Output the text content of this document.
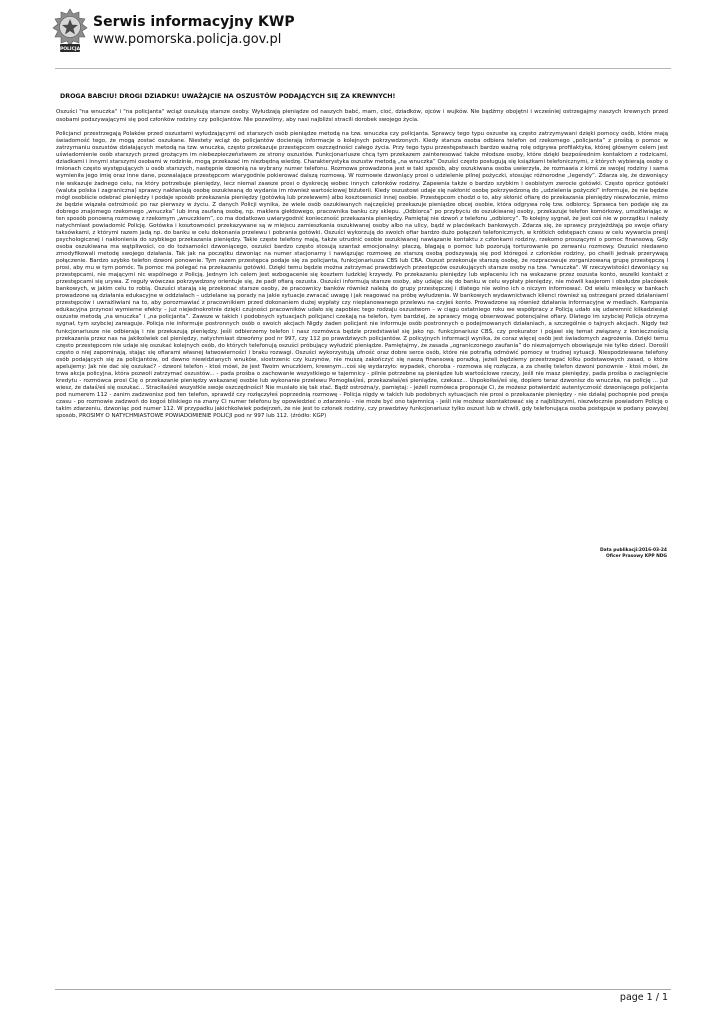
POLICJA
Serwis informacyjny KWP
www.pomorska.policja.gov.pl
DROGA BABCIU! DROGI DZIADKU! UWAŻAJCIE NA OSZUSTÓW PODAJĄCYCH SIĘ ZA KREWNYCH!

Oszuści "na wnuczka" i "na policjanta" wciąż oszukują starsze osoby. Wyłudzają pieniądze od naszych babć, mam, cioć, dziadków, ojców i wujków. Nie bądźmy obojętni i wcześniej ostrzegajmy naszych krewnych przed osobami podszywającymi się pod członków rodziny czy policjantów. Nie pozwólmy, aby nasi najbliżsi stracili dorobek swojego życia.

Policjanci przestrzegają Polaków przed oszustami wyłudzającymi od starszych osób pieniądze metodą na tzw. wnuczka czy policjanta. Sprawcy tego typu oszustw są często zatrzymywani dzięki pomocy osób, które mają świadomość tego, że mogą zostać oszukane. Niestety wciąż do policjantów docierają informacje o kolejnych pokrzywdzonych. Kiedy starsza osoba odbiera telefon od rzekomego „policjanta” z prośbą o pomoc w zatrzymaniu oszustów działających metodą na tzw. wnuczka, często przekazuje przestępcom oszczędności całego życia. Przy tego typu przestępstwach bardzo ważną rolę odgrywa profilaktyka, której głównym celem jest uświadomienie osób starszych przed grożącym im niebezpieczeństwem ze strony oszustów. Funkcjonariusze chcą tym przekazem zainteresować także młodsze osoby, które dzięki bezpośrednim kontaktom z rodzicami, dziadkami i innymi starszymi osobami w rodzinie, mogą przekazać im niezbędną wiedzę. Charakterystyka oszustw metodą „na wnuczka” Oszuści często posługują się książkami telefonicznymi, z których wybierają osoby o imionach często występujących u osób starszych, następnie dzwonią na wybrany numer telefonu. Rozmowa prowadzona jest w taki sposób, aby oszukiwana osoba uwierzyła, że rozmawia z kimś ze swojej rodziny i sama wymieniła jego imię oraz inne dane, pozwalające przestępcom wiarygodnie pokierować dalszą rozmową. W rozmowie dzwoniący prosi o udzielenie pilnej pożyczki, stosując różnorodne „legendy”. Zdarza się, że dzwoniący nie wskazuje żadnego celu, na który potrzebuje pieniędzy, lecz niemal zawsze prosi o dyskrecję wobec innych członków rodziny. Zapewnia także o bardzo szybkim i osobistym zwrocie gotówki. Często oprócz gotówki (waluta polska i zagraniczna) sprawcy nakłaniają osobę oszukiwaną do wydania im również wartościowej biżuterii. Kiedy oszustowi udaje się nakłonić osobę pokrzywdzoną do „udzielenia pożyczki” informuje, że nie będzie mógł osobiście odebrać pieniędzy i podaje sposób przekazania pieniędzy (gotówką lub przelewem) albo kosztowności innej osobie. Przestępcom chodzi o to, aby skłonić ofiarę do przekazania pieniędzy niezwłocznie, mimo że będzie wiązała ostrożność po raz pierwszy w życiu. Z danych Policji wynika, że wiele osób oszukiwanych najczęściej przekazuje pieniądze obcej osobie, która odgrywa rolę tzw. odbiorcy. Sprawca ten podaje się za dobrego znajomego rzekomego „wnuczka” lub inną zaufaną osobę, np. maklera giełdowego, pracownika banku czy sklepu. „Odbiorca” po przybyciu do oszukiwanej osoby, przekazuje telefon komórkowy, umożliwiając w ten sposób ponowną rozmowę z rzekomym „wnuczkiem”, co ma dodatkowo uwiarygodnić konieczność przekazania pieniędzy. Pamiętaj nie dzwoń z telefonu „odbiorcy”. To kolejny sygnał, że jest coś nie w porządku i należy natychmiast powiadomić Policję. Gotówka i kosztowności przekazywane są w miejscu zamieszkania oszukiwanej osoby albo na ulicy, bądź w placówkach bankowych. Zdarza się, że sprawcy przyjeżdżają po swoje ofiary taksówkami, z którymi razem jadą np. do banku w celu dokonania przelewu i pobrania gotówki. Oszuści wykorzują do swoich ofiar bardzo dużo połączeń telefonicznych, w krótkich odstępach czasu w celu wywarcia presji psychologicznej i nakłonienia do szybkiego przekazania pieniędzy. Takie częste telefony mają, także utrudnić osobie oszukiwanej nawiązanie kontaktu z członkami rodziny, rzekomo proszącymi o pomoc finansową. Gdy osoba oszukiwana ma wątpliwości, co do tożsamości dzwoniącego, oszuści bardzo często stosują szantaż emocjonalny: płaczą, błagają o pomoc lub pozorują torturowanie po zerwaniu rozmowy. Oszuści niedawno zmodyfikowali metodę swojego działania. Tak jak na początku dzwoniąc na numer stacjonarny i nawiązując rozmowę ze starszą osobą podszywają się pod któregoś z członków rodziny, po chwili jednak przerywają połączenie. Bardzo szybko telefon dzwoni ponownie. Tym razem przestępca podaje się za policjanta, funkcjonariusza CBS lub CBA. Oszust przekonuje starszą osobę, że rozpracowuje zorganizowaną grupę przestępczą i prosi, aby mu w tym pomóc. Ta pomoc ma polegać na przekazaniu gotówki. Dzięki temu będzie można zatrzymać prawdziwych przestępców oszukujących starsze osoby na tzw. "wnuczka". W rzeczywistości dzwoniący są przestępcami, nie mającymi nic wspólnego z Policją. Jednym ich celem jest wzbogacenie się kosztem ludzkiej krzywdy. Po przekazaniu pieniędzy lub wpłaceniu ich na wskazane przez oszusta konto, wszelki kontakt z przestępcami się urywa. Z reguły wówczas pokrzywdzony orientuje się, że padł ofiarą oszusta. Oszuści informują starsze osoby, aby udając się do banku w celu wypłaty pieniędzy, nie mówili kasjerom i obsłudze placówek bankowych, w jakim celu to robią. Oszuści starają się przekonać starsze osoby, że pracownicy banków również należą do grupy przestępczej i dlatego nie wolno ich o niczym informować. Od wielu miesięcy w bankach prowadzone są działania edukacyjne w oddziałach – udzielane są porady na jakie sytuacje zwracać uwagę i jak reagować na próbę wyłudzenia. W bankowych wydawnictwach klienci również są ostrzegani przed działaniami przestępców i uwrażliwiani na to, aby porozmawiać z pracownikiem przed dokonaniem dużej wypłaty czy nieplanowanego przelewu na czyjeś konto. Prowadzone są również działania informacyjne w mediach. Kampania edukacyjna przynosi wymierne efekty – już niejednokrotnie dzięki czujności pracowników udało się zapobiec tego rodzaju oszustwom – w ciągu ostatniego roku we współpracy z Policją udało się udaremnić kilkadziesiąt oszustw metodą „na wnuczka” i „na policjanta”. Zawsze w takich i podobnych sytuacjach policjanci czekają na telefon, tym bardziej, że sprawcy mogą obserwować potencjalne ofiary. Dlatego im szybciej Policja otrzyma sygnał, tym szybciej zareaguje. Policja nie informuje postronnych osób o swoich akcjach Nigdy żaden policjant nie informuje osób postronnych o podejmowanych działaniach, a szczególnie o tajnych akcjach. Nigdy też funkcjonariusze nie odbierają i nie przekazują pieniędzy. Jeśli odbierzemy telefon i nasz rozmówca będzie przedstawiał się jako np. funkcjonariusz CBŚ, czy prokurator i pojawi się temat związany z koniecznością przekazania przez nas na jakikolwiek cel pieniędzy, natychmiast dzwońmy pod nr 997, czy 112 po prawdziwych policjantów. Z policyjnych informacji wynika, że coraz więcej osób jest świadomych zagrożenia. Dzięki temu często przestępcom nie udaje się oszukać kolejnych osób, do których telefonują oszuści próbujący wyłudzić pieniądze. Pamiętajmy, że zasada „ograniczonego zaufania” do nieznajomych obowiązuje nie tylko dzieci. Dorośli często o niej zapominają, stając się ofiarami własnej łatwowierności i braku rozwagi. Oszuści wykorzystują ufność oraz dobre serce osób, które nie potrafią odmówić pomocy w trudnej sytuacji. Niespodziewane telefony osób podających się za policjantów, od dawno niewidzianych wnuków, siostrzenic czy kuzynów, nie muszą zakończyć się naszą finansową porażką, jeżeli będziemy przestrzegać kilku podstawowych zasad, o które apelujemy: Jak nie dać się oszukać? - dzwoni telefon - ktoś mówi, że jest Twoim wnuczkiem, krewnym...coś się wydarzyło: wypadek, choroba - rozmowa się rozłącza, a za chwilę telefon dzwoni ponownie - ktoś mówi, że trwa akcja policyjna, która pozwoli zatrzymać oszustów... - pada prośba o zachowanie wszystkiego w tajemnicy - pilnie potrzebne są pieniądze lub wartościowe rzeczy, jeśli nie masz pieniędzy, pada prośba o zaciągnięcie kredytu - rozmówca prosi Cię o przekazanie pieniędzy wskazanej osobie lub wykonanie przelewu Pomogłaś/eś, przekazałaś/eś pieniądze, czekasz... Uspokoiłaś/eś się, dopiero teraz dzwonisz do wnuczka, na policję ... już wiesz, że dałaś/eś się oszukać... Straciłaś/eś wszystkie swoje oszczędności! Nie musiało się tak stać. Bądź ostrożna/y, pamiętaj: - jeżeli rozmówca proponuje Ci, że możesz potwierdzić autentyczność dzwoniącego policjanta pod numerem 112 - zanim zadzwonisz pod ten telefon, sprawdź czy rozłączyłeś poprzednią rozmowę - Policja nigdy w takich lub podobnych sytuacjach nie prosi o przekazanie pieniędzy - nie działaj pochopnie pod presja czasu - po rozmowie zadzwoń do kogoś bliskiego na znany Ci numer telefonu by opowiedzieć o zdarzeniu - nie może być ono tajemnicą - jeśli nie możesz skontaktować się z najbliższymi, niezwłocznie powiadom Policję o takim zdarzeniu, dzwoniąc pod numer 112. W przypadku jakichkolwiek podejrzeń, że nie jest to członek rodziny, czy prawdziwy funkcjonariusz tylko oszust lub w chwili, gdy telefonująca osoba postępuje w podany powyżej sposób, PROSIMY O NATYCHMIASTOWE POWIADOMIENIE POLICJI pod nr 997 lub 112. (źródło: KGP)

Data publikacji:2016-03-24
Oficer Prasowy KPP NDG
page 1 / 1
